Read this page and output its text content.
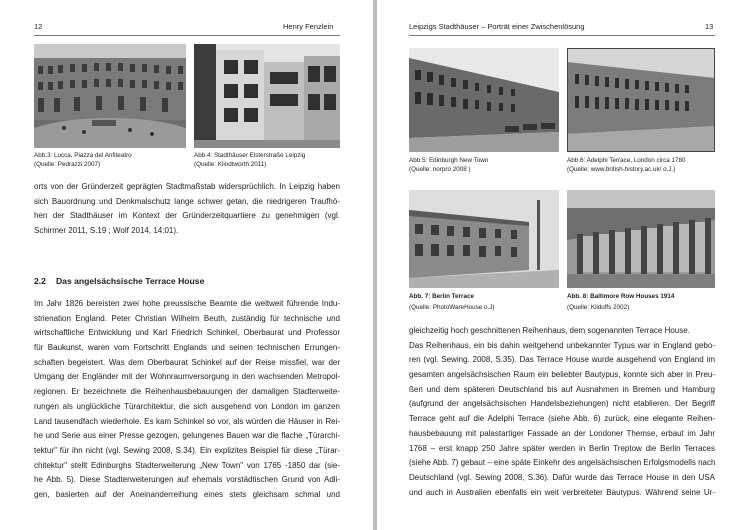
12	Henry Fenzlein
Abb.3: Lucca, Piazza del Anfiteatro
(Quelle: Pedrazzi 2007)
Abb.4: Stadthäuser Elsterstraße Leipzig
(Quelle: Klindtworth 2011)
orts von der Gründerzeit geprägten Stadtmaßstab widersprüchlich. In Leipzig haben
sich Bauordnung und Denkmalschutz lange schwer getan, die niedrigeren Traufhö-
hen der Stadthäuser im Kontext der Gründerzeitquartiere zu genehmigen (vgl.
Schirmer 2011, S.19 ; Wolf 2014, 14:01).
2.2 Das angelsächsische Terrace House
Im Jahr 1826 bereisten zwei hohe preussische Beamte die weltweit führende Indu-
strienation England. Peter Christian Wilhelm Beuth, zuständig für technische und
wirtschaftliche Entwicklung und Karl Friedrich Schinkel, Oberbaurat und Professor
für Baukunst, waren vom Fortschritt Englands und seinen technischen Errungen-
schaften begeistert. Was dem Oberbaurat Schinkel auf der Reise missfiel, war der
Umgang der Engländer mit der Wohnraumversorgung in den wachsenden Metropol-
regionen. Er bezeichnete die Reihenhausbebauungen der damaligen Stadterweite-
rungen als unglückliche Türarchitektur, die sich ausgehend von London im ganzen
Land tausendfach wiederhole. Es kam Schinkel so vor, als würden die Häuser in Rei-
he und Serie aus einer Presse gezogen, gelungenes Bauen war die flache „Türarchi-
tektur" für ihn nicht (vgl. Sewing 2008, S.34). Ein explizites Beispiel für diese „Türar-
chitektur" stellt Edinburghs Stadterweiterung „New Town" von 1765 -1850 dar (sie-
he Abb. 5). Diese Stadterweiterungen auf ehemals vorstädtischen Grund von Adli-
gen, basierten auf der Aneinanderreihung eines stets gleichsam schmal und
Leipzigs Stadthäuser – Porträt einer Zwischenlösung	13
Abb.5: Edinburgh New Town
(Quelle: norpro 2008 )
Abb.6: Adelphi Terrace, London circa 1780
(Quelle: www.british-history.ac.uk/ o.J.)
Abb. 7: Berlin Terrace
(Quelle: PhotoWareHouse o.J)
Abb. 8: Baltimore Row Houses 1914
(Quelle: Kilduffs 2002)
gleichzeitig hoch geschnittenen Reihenhaus, dem sogenannten Terrace House.
Das Reihenhaus, ein bis dahin weitgehend unbekannter Typus war in England gebo-
ren (vgl. Sewing. 2008, S.35). Das Terrace House wurde ausgehend von England im
gesamten angelsächsischen Raum ein beliebter Bautypus, konnte sich aber in Preu-
ßen und dem späteren Deutschland bis auf Ausnahmen in Bremen und Hamburg
(aufgrund der angelsächsischen Handelsbeziehungen) nicht etablieren. Der Begriff
Terrace geht auf die Adelphi Terrace (siehe Abb. 6) zurück, eine elegante Reihen-
hausbebauung mit palastartiger Fassade an der Londoner Themse, erbaut im Jahr
1768 – erst knapp 250 Jahre später werden in Berlin Treptow die Berlin Terraces
(siehe Abb. 7) gebaut – eine späte Einkehr des angelsächsischen Erfolgsmodells nach
Deutschland (vgl. Sewing 2008, S.36). Dafür wurde das Terrace House in den USA
und auch in Australien ebenfalls ein weit verbreiteter Bautypus. Während seine Ur-
